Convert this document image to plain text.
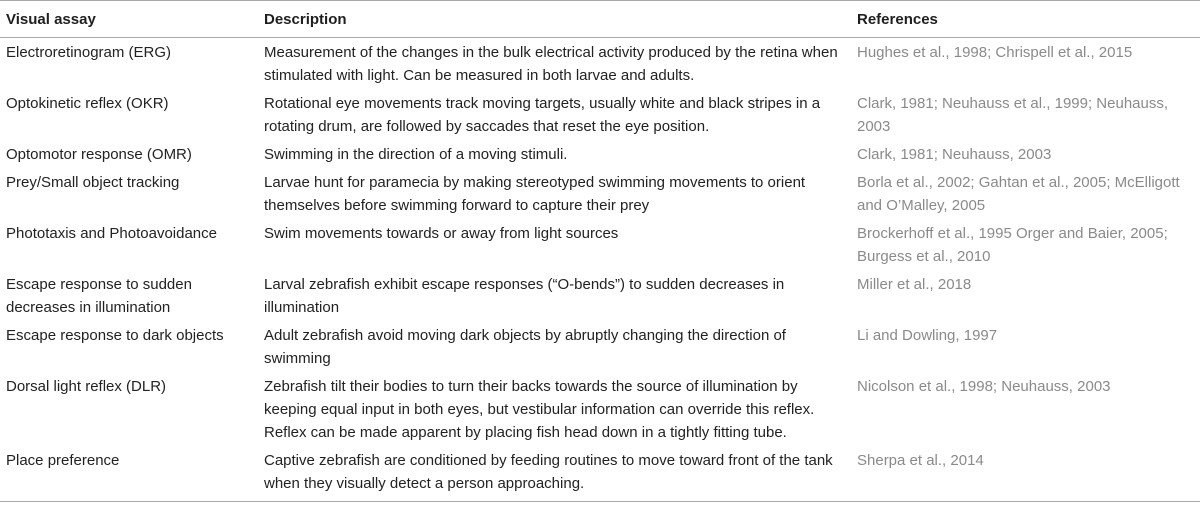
Visual assay	Description	References
Electroretinogram (ERG)	Measurement of the changes in the bulk electrical activity produced by the retina when stimulated with light. Can be measured in both larvae and adults.	Hughes et al., 1998; Chrispell et al., 2015
Optokinetic reflex (OKR)	Rotational eye movements track moving targets, usually white and black stripes in a rotating drum, are followed by saccades that reset the eye position.	Clark, 1981; Neuhauss et al., 1999; Neuhauss, 2003
Optomotor response (OMR)	Swimming in the direction of a moving stimuli.	Clark, 1981; Neuhauss, 2003
Prey/Small object tracking	Larvae hunt for paramecia by making stereotyped swimming movements to orient themselves before swimming forward to capture their prey	Borla et al., 2002; Gahtan et al., 2005; McElligott and O’Malley, 2005
Phototaxis and Photoavoidance	Swim movements towards or away from light sources	Brockerhoff et al., 1995 Orger and Baier, 2005; Burgess et al., 2010
Escape response to sudden decreases in illumination	Larval zebrafish exhibit escape responses (“O-bends”) to sudden decreases in illumination	Miller et al., 2018
Escape response to dark objects	Adult zebrafish avoid moving dark objects by abruptly changing the direction of swimming	Li and Dowling, 1997
Dorsal light reflex (DLR)	Zebrafish tilt their bodies to turn their backs towards the source of illumination by keeping equal input in both eyes, but vestibular information can override this reflex. Reflex can be made apparent by placing fish head down in a tightly fitting tube.	Nicolson et al., 1998; Neuhauss, 2003
Place preference	Captive zebrafish are conditioned by feeding routines to move toward front of the tank when they visually detect a person approaching.	Sherpa et al., 2014
